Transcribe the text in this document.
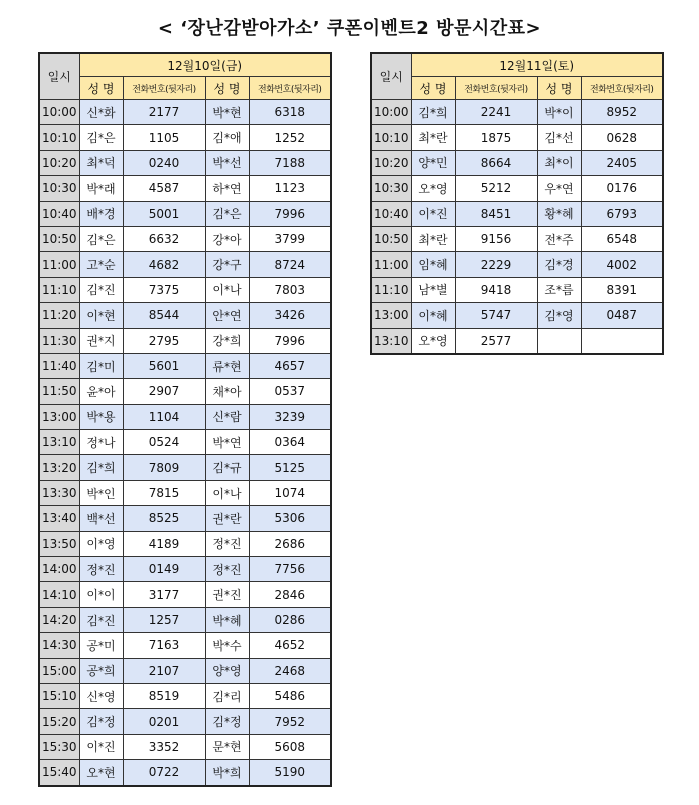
< ‘장난감받아가소’ 쿠폰이벤트2 방문시간표>
일시	12월10일(금)			
	성 명	전화번호(뒷자리)	성 명	전화번호(뒷자리)
10:00	신*화	2177	박*현	6318
10:10	김*은	1105	김*애	1252
10:20	최*덕	0240	박*선	7188
10:30	박*래	4587	하*연	1123
10:40	배*경	5001	김*은	7996
10:50	김*은	6632	강*아	3799
11:00	고*순	4682	강*구	8724
11:10	김*진	7375	이*나	7803
11:20	이*현	8544	안*연	3426
11:30	권*지	2795	강*희	7996
11:40	김*미	5601	류*현	4657
11:50	윤*아	2907	채*아	0537
13:00	박*용	1104	신*람	3239
13:10	정*나	0524	박*연	0364
13:20	김*희	7809	김*규	5125
13:30	박*인	7815	이*나	1074
13:40	백*선	8525	권*란	5306
13:50	이*영	4189	정*진	2686
14:00	정*진	0149	정*진	7756
14:10	이*이	3177	권*진	2846
14:20	김*진	1257	박*혜	0286
14:30	공*미	7163	박*수	4652
15:00	공*희	2107	양*영	2468
15:10	신*영	8519	김*리	5486
15:20	김*정	0201	김*정	7952
15:30	이*진	3352	문*현	5608
15:40	오*현	0722	박*희	5190
일시	12월11일(토)			
	성 명	전화번호(뒷자리)	성 명	전화번호(뒷자리)
10:00	김*희	2241	박*이	8952
10:10	최*란	1875	김*선	0628
10:20	양*민	8664	최*이	2405
10:30	오*영	5212	우*연	0176
10:40	이*진	8451	황*혜	6793
10:50	최*란	9156	전*주	6548
11:00	임*혜	2229	김*경	4002
11:10	남*별	9418	조*름	8391
13:00	이*혜	5747	김*영	0487
13:10	오*영	2577		
